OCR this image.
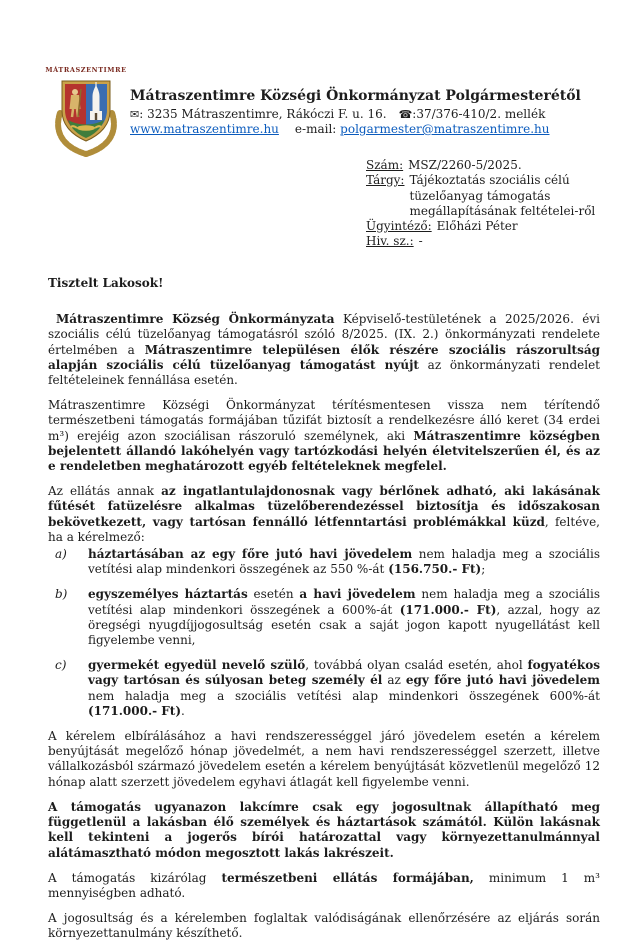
MÁTRASZENTIMRE
Mátraszentimre Községi Önkormányzat Polgármesterétől
✉: 3235 Mátraszentimre, Rákóczi F. u. 16. ☎:37/376-410/2. mellék
www.matraszentimre.hu e-mail: polgarmester@matraszentimre.hu
Szám: MSZ/2260-5/2025.
Tárgy: Tájékoztatás szociális célú tüzelőanyag támogatás megállapításának feltételei-ről
Ügyintéző: Előházi Péter
Hiv. sz.: -

Tisztelt Lakosok!

Mátraszentimre Község Önkormányzata Képviselő-testületének a 2025/2026. évi szociális célú tüzelőanyag támogatásról szóló 8/2025. (IX. 2.) önkormányzati rendelete értelmében a Mátraszentimre településen élők részére szociális rászorultság alapján szociális célú tüzelőanyag támogatást nyújt az önkormányzati rendelet feltételeinek fennállása esetén.

Mátraszentimre Községi Önkormányzat térítésmentesen vissza nem térítendő természetbeni támogatás formájában tűzifát biztosít a rendelkezésre álló keret (34 erdei m³) erejéig azon szociálisan rászoruló személynek, aki Mátraszentimre községben bejelentett állandó lakóhelyén vagy tartózkodási helyén életvitelszerűen él, és az e rendeletben meghatározott egyéb feltételeknek megfelel.

Az ellátás annak az ingatlantulajdonosnak vagy bérlőnek adható, aki lakásának fűtését fatüzelésre alkalmas tüzelőberendezéssel biztosítja és időszakosan bekövetkezett, vagy tartósan fennálló létfenntartási problémákkal küzd, feltéve, ha a kérelmező:

a) háztartásában az egy főre jutó havi jövedelem nem haladja meg a szociális vetítési alap mindenkori összegének az 550 %-át (156.750.- Ft);

b) egyszemélyes háztartás esetén a havi jövedelem nem haladja meg a szociális vetítési alap mindenkori összegének a 600%-át (171.000.- Ft), azzal, hogy az öregségi nyugdíjjogosultság esetén csak a saját jogon kapott nyugellátást kell figyelembe venni,

c) gyermekét egyedül nevelő szülő, továbbá olyan család esetén, ahol fogyatékos vagy tartósan és súlyosan beteg személy él az egy főre jutó havi jövedelem nem haladja meg a szociális vetítési alap mindenkori összegének 600%-át (171.000.- Ft).

A kérelem elbírálásához a havi rendszerességgel járó jövedelem esetén a kérelem benyújtását megelőző hónap jövedelmét, a nem havi rendszerességgel szerzett, illetve vállalkozásból származó jövedelem esetén a kérelem benyújtását közvetlenül megelőző 12 hónap alatt szerzett jövedelem egyhavi átlagát kell figyelembe venni.

A támogatás ugyanazon lakcímre csak egy jogosultnak állapítható meg függetlenül a lakásban élő személyek és háztartások számától. Külön lakásnak kell tekinteni a jogerős bírói határozattal vagy környezettanulmánnyal alátámasztható módon megosztott lakás lakrészeit.

A támogatás kizárólag természetbeni ellátás formájában, minimum 1 m³ mennyiségben adható.

A jogosultság és a kérelemben foglaltak valódiságának ellenőrzésére az eljárás során környezettanulmány készíthető.
